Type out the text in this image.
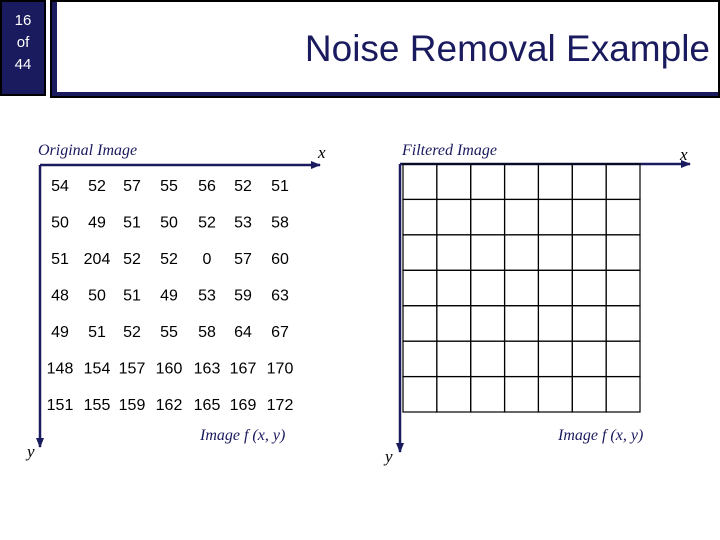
16
of
44	Noise Removal Example
Original Image	x
y
Image f (x, y)
Filtered Image	x
y
Image f (x, y)
54 52 57 55 56 52 51
50 49 51 50 52 53 58
51 204 52 52 0 57 60
48 50 51 49 53 59 63
49 51 52 55 58 64 67
148 154 157 160 163 167 170
151 155 159 162 165 169 172
